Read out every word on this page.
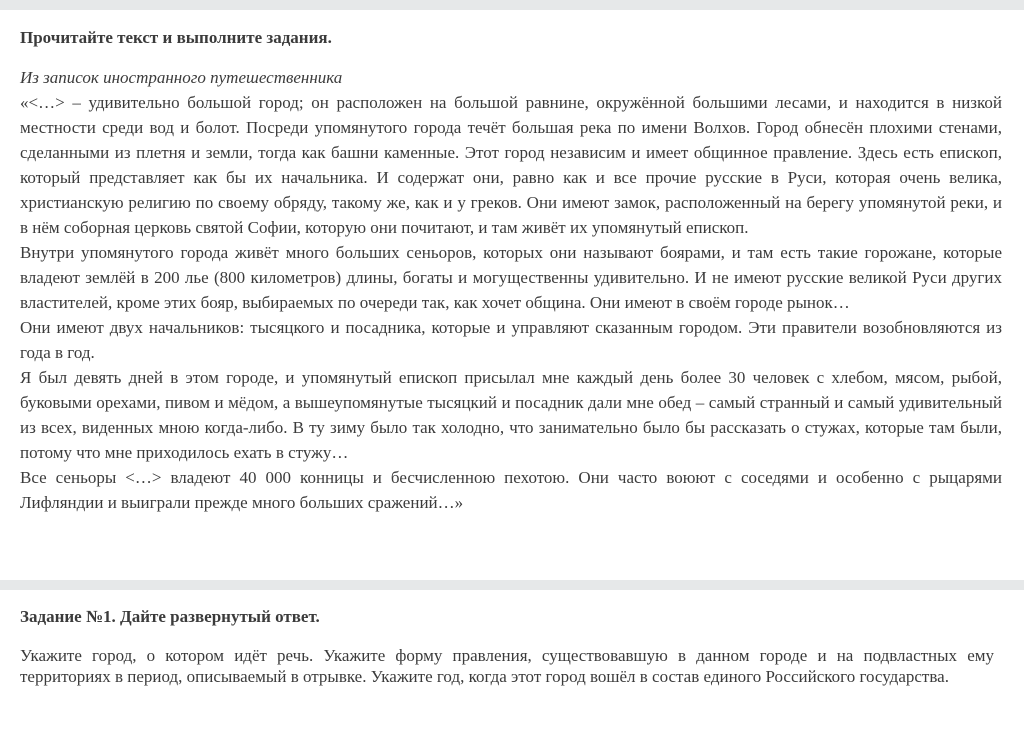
Прочитайте текст и выполните задания.
Из записок иностранного путешественника

«<…> – удивительно большой город; он расположен на большой равнине, окружённой большими лесами, и находится в низкой местности среди вод и болот. Посреди упомянутого города течёт большая река по имени Волхов. Город обнесён плохими стенами, сделанными из плетня и земли, тогда как башни каменные. Этот город независим и имеет общинное правление. Здесь есть епископ, который представляет как бы их начальника. И содержат они, равно как и все прочие русские в Руси, которая очень велика, христианскую религию по своему обряду, такому же, как и у греков. Они имеют замок, расположенный на берегу упомянутой реки, и в нём соборная церковь святой Софии, которую они почитают, и там живёт их упомянутый епископ.

Внутри упомянутого города живёт много больших сеньоров, которых они называют боярами, и там есть такие горожане, которые владеют землёй в 200 лье (800 километров) длины, богаты и могущественны удивительно. И не имеют русские великой Руси других властителей, кроме этих бояр, выбираемых по очереди так, как хочет община. Они имеют в своём городе рынок…

Они имеют двух начальников: тысяцкого и посадника, которые и управляют сказанным городом. Эти правители возобновляются из года в год.

Я был девять дней в этом городе, и упомянутый епископ присылал мне каждый день более 30 человек с хлебом, мясом, рыбой, буковыми орехами, пивом и мёдом, а вышеупомянутые тысяцкий и посадник дали мне обед – самый странный и самый удивительный из всех, виденных мною когда-либо. В ту зиму было так холодно, что занимательно было бы рассказать о стужах, которые там были, потому что мне приходилось ехать в стужу…

Все сеньоры <…> владеют 40 000 конницы и бесчисленною пехотою. Они часто воюют с соседями и особенно с рыцарями Лифляндии и выиграли прежде много больших сражений…»

Задание №1. Дайте развернутый ответ.
Укажите город, о котором идёт речь. Укажите форму правления, существовавшую в данном городе и на подвластных ему территориях в период, описываемый в отрывке. Укажите год, когда этот город вошёл в состав единого Российского государства.
